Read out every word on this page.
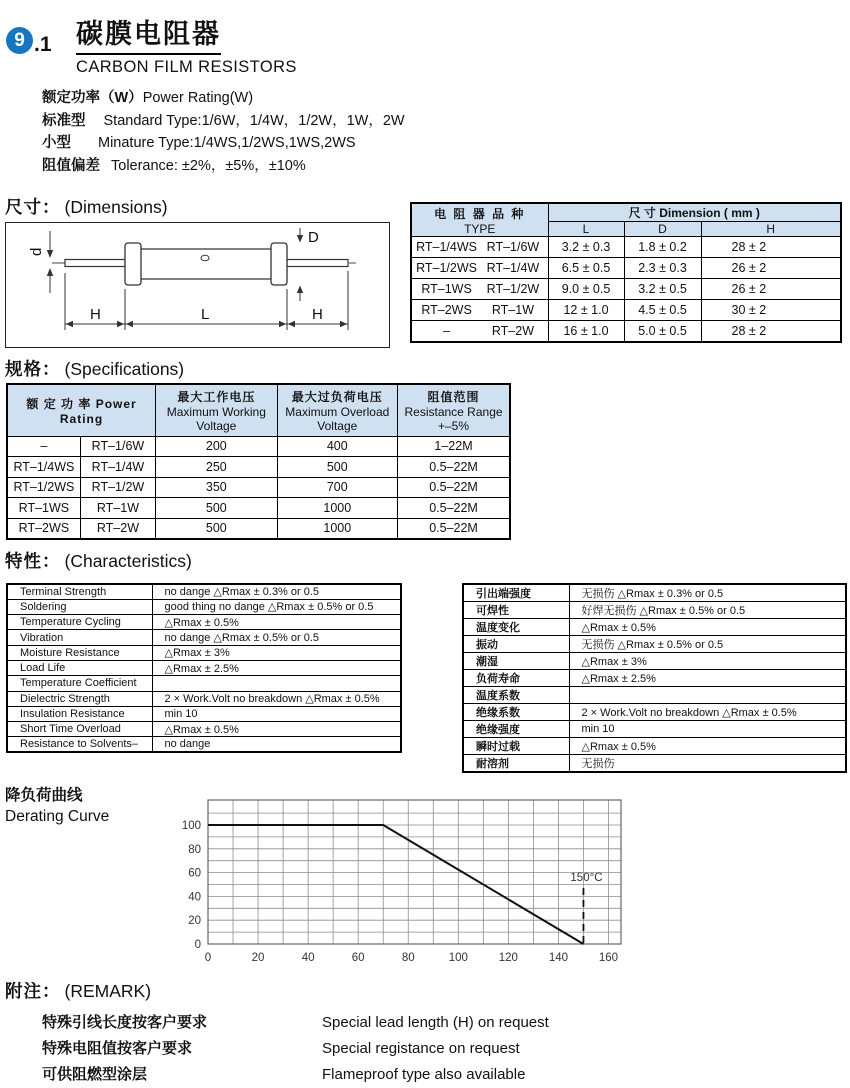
9 .1 碳膜电阻器
CARBON FILM RESISTORS
额定功率（W）Power Rating(W)
标准型 Standard Type:1/6W，1/4W，1/2W，1W，2W
小型 Minature Type:1/4WS,1/2WS,1WS,2WS
阻值偏差 Tolerance: ±2%，±5%，±10%
尺寸： (Dimensions)
D
d
H	L	H
电 阻 器 品 种
TYPE	尺 寸 Dimension ( mm )		
	L	D	H
RT–1/4WS RT–1/6W	3.2 ± 0.3	1.8 ± 0.2	28 ± 2
RT–1/2WS RT–1/4W	6.5 ± 0.5	2.3 ± 0.3	26 ± 2
RT–1WS RT–1/2W	9.0 ± 0.5	3.2 ± 0.5	26 ± 2
RT–2WS RT–1W	12 ± 1.0	4.5 ± 0.5	30 ± 2
– RT–2W	16 ± 1.0	5.0 ± 0.5	28 ± 2
规格： (Specifications)
额 定 功 率 Power Rating	
最大工作电压
Maximum Working
Voltage

最大过负荷电压
Maximum Overload
Voltage

阻值范围
Resistance Range
+–5%

–	RT–1/6W	200	400	1–22M
RT–1/4WS	RT–1/4W	250	500	0.5–22M
RT–1/2WS	RT–1/2W	350	700	0.5–22M
RT–1WS	RT–1W	500	1000	0.5–22M
RT–2WS	RT–2W	500	1000	0.5–22M
特性： (Characteristics)
Terminal Strength	no dange △Rmax ± 0.3% or 0.5
Soldering	good thing no dange △Rmax ± 0.5% or 0.5
Temperature Cycling	△Rmax ± 0.5%
Vibration	no dange △Rmax ± 0.5% or 0.5
Moisture Resistance	△Rmax ± 3%
Load Life	△Rmax ± 2.5%
Temperature Coefficient	
Dielectric Strength	2 × Work.Volt no breakdown △Rmax ± 0.5%
Insulation Resistance	min 10
Short Time Overload	△Rmax ± 0.5%
Resistance to Solvents–	no dange
引出端强度	无损伤 △Rmax ± 0.3% or 0.5
可焊性	好焊无损伤 △Rmax ± 0.5% or 0.5
温度变化	△Rmax ± 0.5%
振动	无损伤 △Rmax ± 0.5% or 0.5
潮湿	△Rmax ± 3%
负荷寿命	△Rmax ± 2.5%
温度系数	
绝缘系数	2 × Work.Volt no breakdown △Rmax ± 0.5%
绝缘强度	min 10
瞬时过载	△Rmax ± 0.5%
耐溶剂	无损伤
降负荷曲线
Derating Curve
0	20	40	60	80	100	120	140	160
0
20
40
60
80
100
150°C
附注： (REMARK)
特殊引线长度按客户要求	Special lead length (H) on request
特殊电阻值按客户要求	Special registance on request
可供阻燃型涂层	Flameproof type also available
